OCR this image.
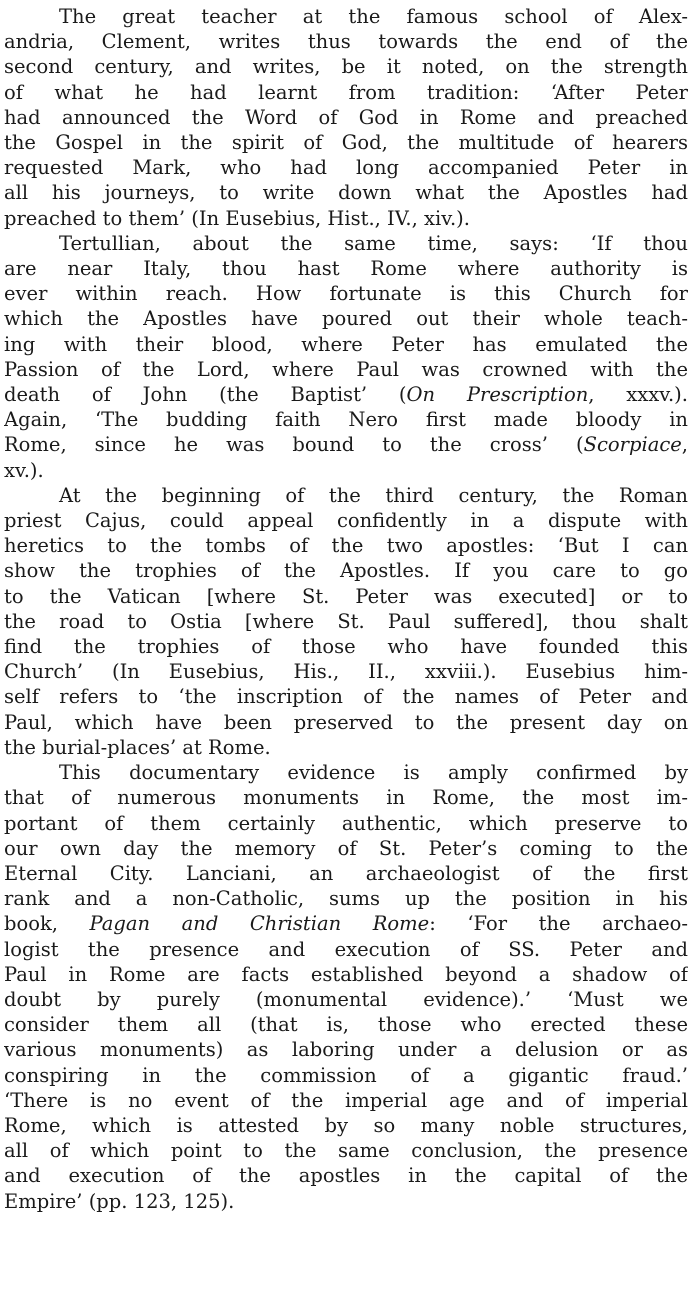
The great teacher at the famous school of Alex-
andria, Clement, writes thus towards the end of the
second century, and writes, be it noted, on the strength
of what he had learnt from tradition: ‘After Peter
had announced the Word of God in Rome and preached
the Gospel in the spirit of God, the multitude of hearers
requested Mark, who had long accompanied Peter in
all his journeys, to write down what the Apostles had
preached to them’ (In Eusebius, Hist., IV., xiv.).
Tertullian, about the same time, says: ‘If thou
are near Italy, thou hast Rome where authority is
ever within reach. How fortunate is this Church for
which the Apostles have poured out their whole teach-
ing with their blood, where Peter has emulated the
Passion of the Lord, where Paul was crowned with the
death of John (the Baptist’ (On Prescription, xxxv.).
Again, ‘The budding faith Nero first made bloody in
Rome, since he was bound to the cross’ (Scorpiace,
xv.).
At the beginning of the third century, the Roman
priest Cajus, could appeal confidently in a dispute with
heretics to the tombs of the two apostles: ‘But I can
show the trophies of the Apostles. If you care to go
to the Vatican [where St. Peter was executed] or to
the road to Ostia [where St. Paul suffered], thou shalt
find the trophies of those who have founded this
Church’ (In Eusebius, His., II., xxviii.). Eusebius him-
self refers to ‘the inscription of the names of Peter and
Paul, which have been preserved to the present day on
the burial-places’ at Rome.
This documentary evidence is amply confirmed by
that of numerous monuments in Rome, the most im-
portant of them certainly authentic, which preserve to
our own day the memory of St. Peter’s coming to the
Eternal City. Lanciani, an archaeologist of the first
rank and a non-Catholic, sums up the position in his
book, Pagan and Christian Rome: ‘For the archaeo-
logist the presence and execution of SS. Peter and
Paul in Rome are facts established beyond a shadow of
doubt by purely (monumental evidence).’ ‘Must we
consider them all (that is, those who erected these
various monuments) as laboring under a delusion or as
conspiring in the commission of a gigantic fraud.’
‘There is no event of the imperial age and of imperial
Rome, which is attested by so many noble structures,
all of which point to the same conclusion, the presence
and execution of the apostles in the capital of the
Empire’ (pp. 123, 125).
